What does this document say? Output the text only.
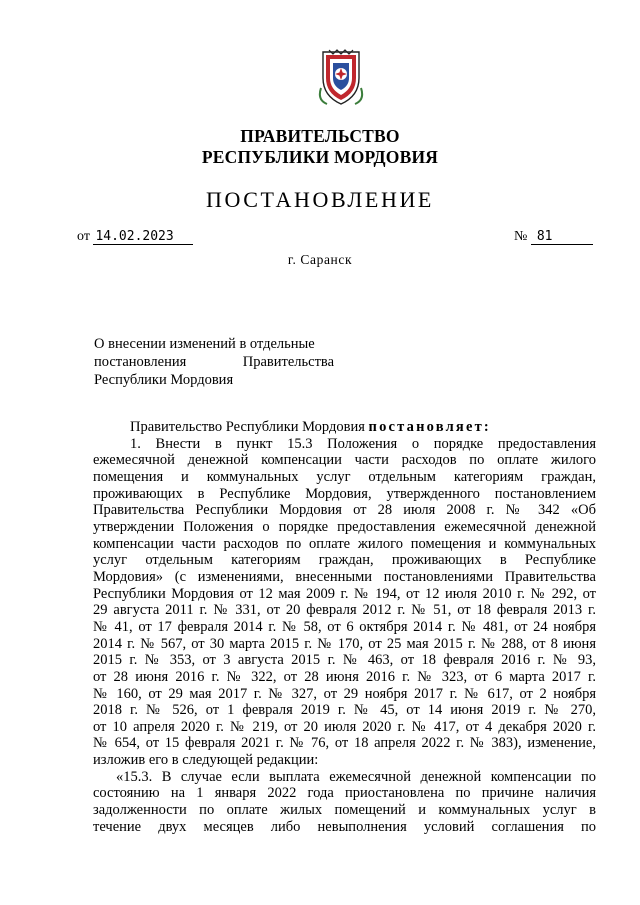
ПРАВИТЕЛЬСТВО
РЕСПУБЛИКИ МОРДОВИЯ
ПОСТАНОВЛЕНИЕ
от 14.02.2023	№ 81
г. Саранск
О внесении изменений в отдельные
постановления Правительства
Республики Мордовия
Правительство Республики Мордовия постановляет:
1. Внести в пункт 15.3 Положения о порядке предоставления
ежемесячной денежной компенсации части расходов по оплате жилого
помещения и коммунальных услуг отдельным категориям граждан,
проживающих в Республике Мордовия, утвержденного постановлением
Правительства Республики Мордовия от 28 июля 2008 г. № 342 «Об
утверждении Положения о порядке предоставления ежемесячной денежной
компенсации части расходов по оплате жилого помещения и коммунальных
услуг отдельным категориям граждан, проживающих в Республике
Мордовия» (с изменениями, внесенными постановлениями Правительства
Республики Мордовия от 12 мая 2009 г. № 194, от 12 июля 2010 г. № 292, от
29 августа 2011 г. № 331, от 20 февраля 2012 г. № 51, от 18 февраля 2013 г.
№ 41, от 17 февраля 2014 г. № 58, от 6 октября 2014 г. № 481, от 24 ноября
2014 г. № 567, от 30 марта 2015 г. № 170, от 25 мая 2015 г. № 288, от 8 июня
2015 г. № 353, от 3 августа 2015 г. № 463, от 18 февраля 2016 г. № 93,
от 28 июня 2016 г. № 322, от 28 июня 2016 г. № 323, от 6 марта 2017 г.
№ 160, от 29 мая 2017 г. № 327, от 29 ноября 2017 г. № 617, от 2 ноября
2018 г. № 526, от 1 февраля 2019 г. № 45, от 14 июня 2019 г. № 270,
от 10 апреля 2020 г. № 219, от 20 июля 2020 г. № 417, от 4 декабря 2020 г.
№ 654, от 15 февраля 2021 г. № 76, от 18 апреля 2022 г. № 383), изменение,
изложив его в следующей редакции:
«15.3. В случае если выплата ежемесячной денежной компенсации по
состоянию на 1 января 2022 года приостановлена по причине наличия
задолженности по оплате жилых помещений и коммунальных услуг в
течение двух месяцев либо невыполнения условий соглашения по
